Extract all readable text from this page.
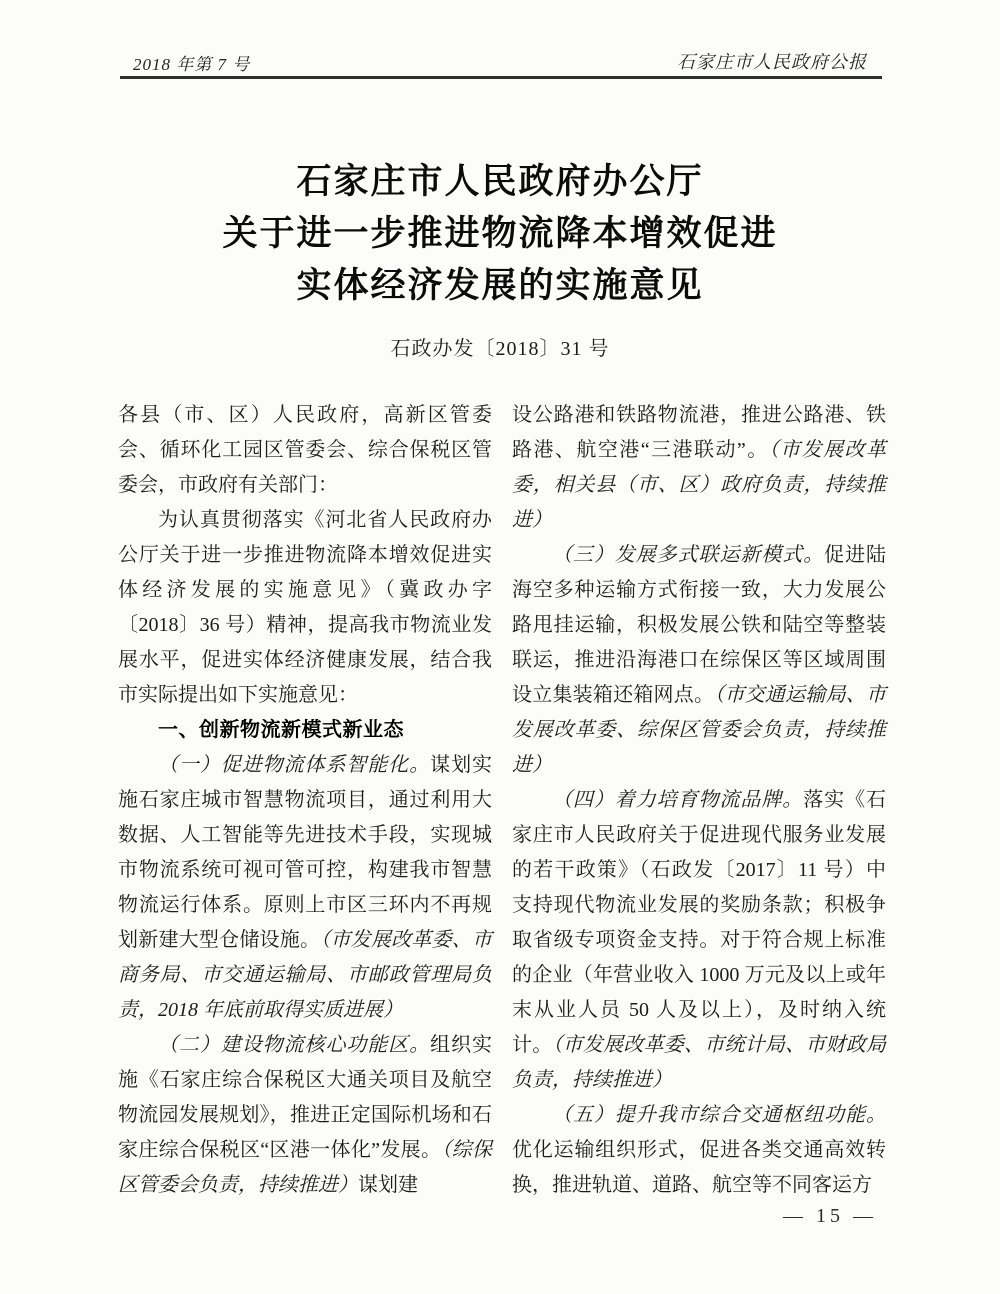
2018 年第 7 号	石家庄市人民政府公报
石家庄市人民政府办公厅
关于进一步推进物流降本增效促进
实体经济发展的实施意见
石政办发〔2018〕31 号
各县（市、区）人民政府，高新区管委会、循环化工园区管委会、综合保税区管委会，市政府有关部门：
为认真贯彻落实《河北省人民政府办公厅关于进一步推进物流降本增效促进实体经济发展的实施意见》（冀政办字〔2018〕36 号）精神，提高我市物流业发展水平，促进实体经济健康发展，结合我市实际提出如下实施意见：
一、创新物流新模式新业态
（一）促进物流体系智能化。谋划实施石家庄城市智慧物流项目，通过利用大数据、人工智能等先进技术手段，实现城市物流系统可视可管可控，构建我市智慧物流运行体系。原则上市区三环内不再规划新建大型仓储设施。（市发展改革委、市商务局、市交通运输局、市邮政管理局负责，2018 年底前取得实质进展）
（二）建设物流核心功能区。组织实施《石家庄综合保税区大通关项目及航空物流园发展规划》，推进正定国际机场和石家庄综合保税区“区港一体化”发展。（综保区管委会负责，持续推进）谋划建
设公路港和铁路物流港，推进公路港、铁路港、航空港“三港联动”。（市发展改革委，相关县（市、区）政府负责，持续推进）
（三）发展多式联运新模式。促进陆海空多种运输方式衔接一致，大力发展公路甩挂运输，积极发展公铁和陆空等整装联运，推进沿海港口在综保区等区域周围设立集装箱还箱网点。（市交通运输局、市发展改革委、综保区管委会负责，持续推进）
（四）着力培育物流品牌。落实《石家庄市人民政府关于促进现代服务业发展的若干政策》（石政发〔2017〕11 号）中支持现代物流业发展的奖励条款；积极争取省级专项资金支持。对于符合规上标准的企业（年营业收入 1000 万元及以上或年末从业人员 50 人及以上），及时纳入统计。（市发展改革委、市统计局、市财政局负责，持续推进）
（五）提升我市综合交通枢纽功能。优化运输组织形式，促进各类交通高效转换，推进轨道、道路、航空等不同客运方
— 15 —
